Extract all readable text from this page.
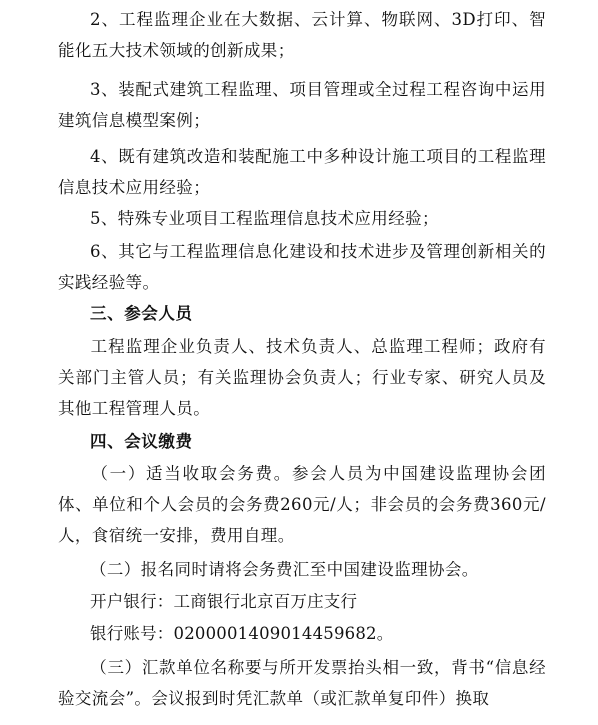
2、工程监理企业在大数据、云计算、物联网、3D打印、智能化五大技术领域的创新成果；

3、装配式建筑工程监理、项目管理或全过程工程咨询中运用建筑信息模型案例；

4、既有建筑改造和装配施工中多种设计施工项目的工程监理信息技术应用经验；

5、特殊专业项目工程监理信息技术应用经验；

6、其它与工程监理信息化建设和技术进步及管理创新相关的实践经验等。

三、参会人员

工程监理企业负责人、技术负责人、总监理工程师；政府有关部门主管人员；有关监理协会负责人；行业专家、研究人员及其他工程管理人员。

四、会议缴费

（一）适当收取会务费。参会人员为中国建设监理协会团体、单位和个人会员的会务费260元/人；非会员的会务费360元/人，食宿统一安排，费用自理。

（二）报名同时请将会务费汇至中国建设监理协会。

开户银行：工商银行北京百万庄支行

银行账号：0200001409014459682。

（三）汇款单位名称要与所开发票抬头相一致，背书“信息经验交流会”。会议报到时凭汇款单（或汇款单复印件）换取
